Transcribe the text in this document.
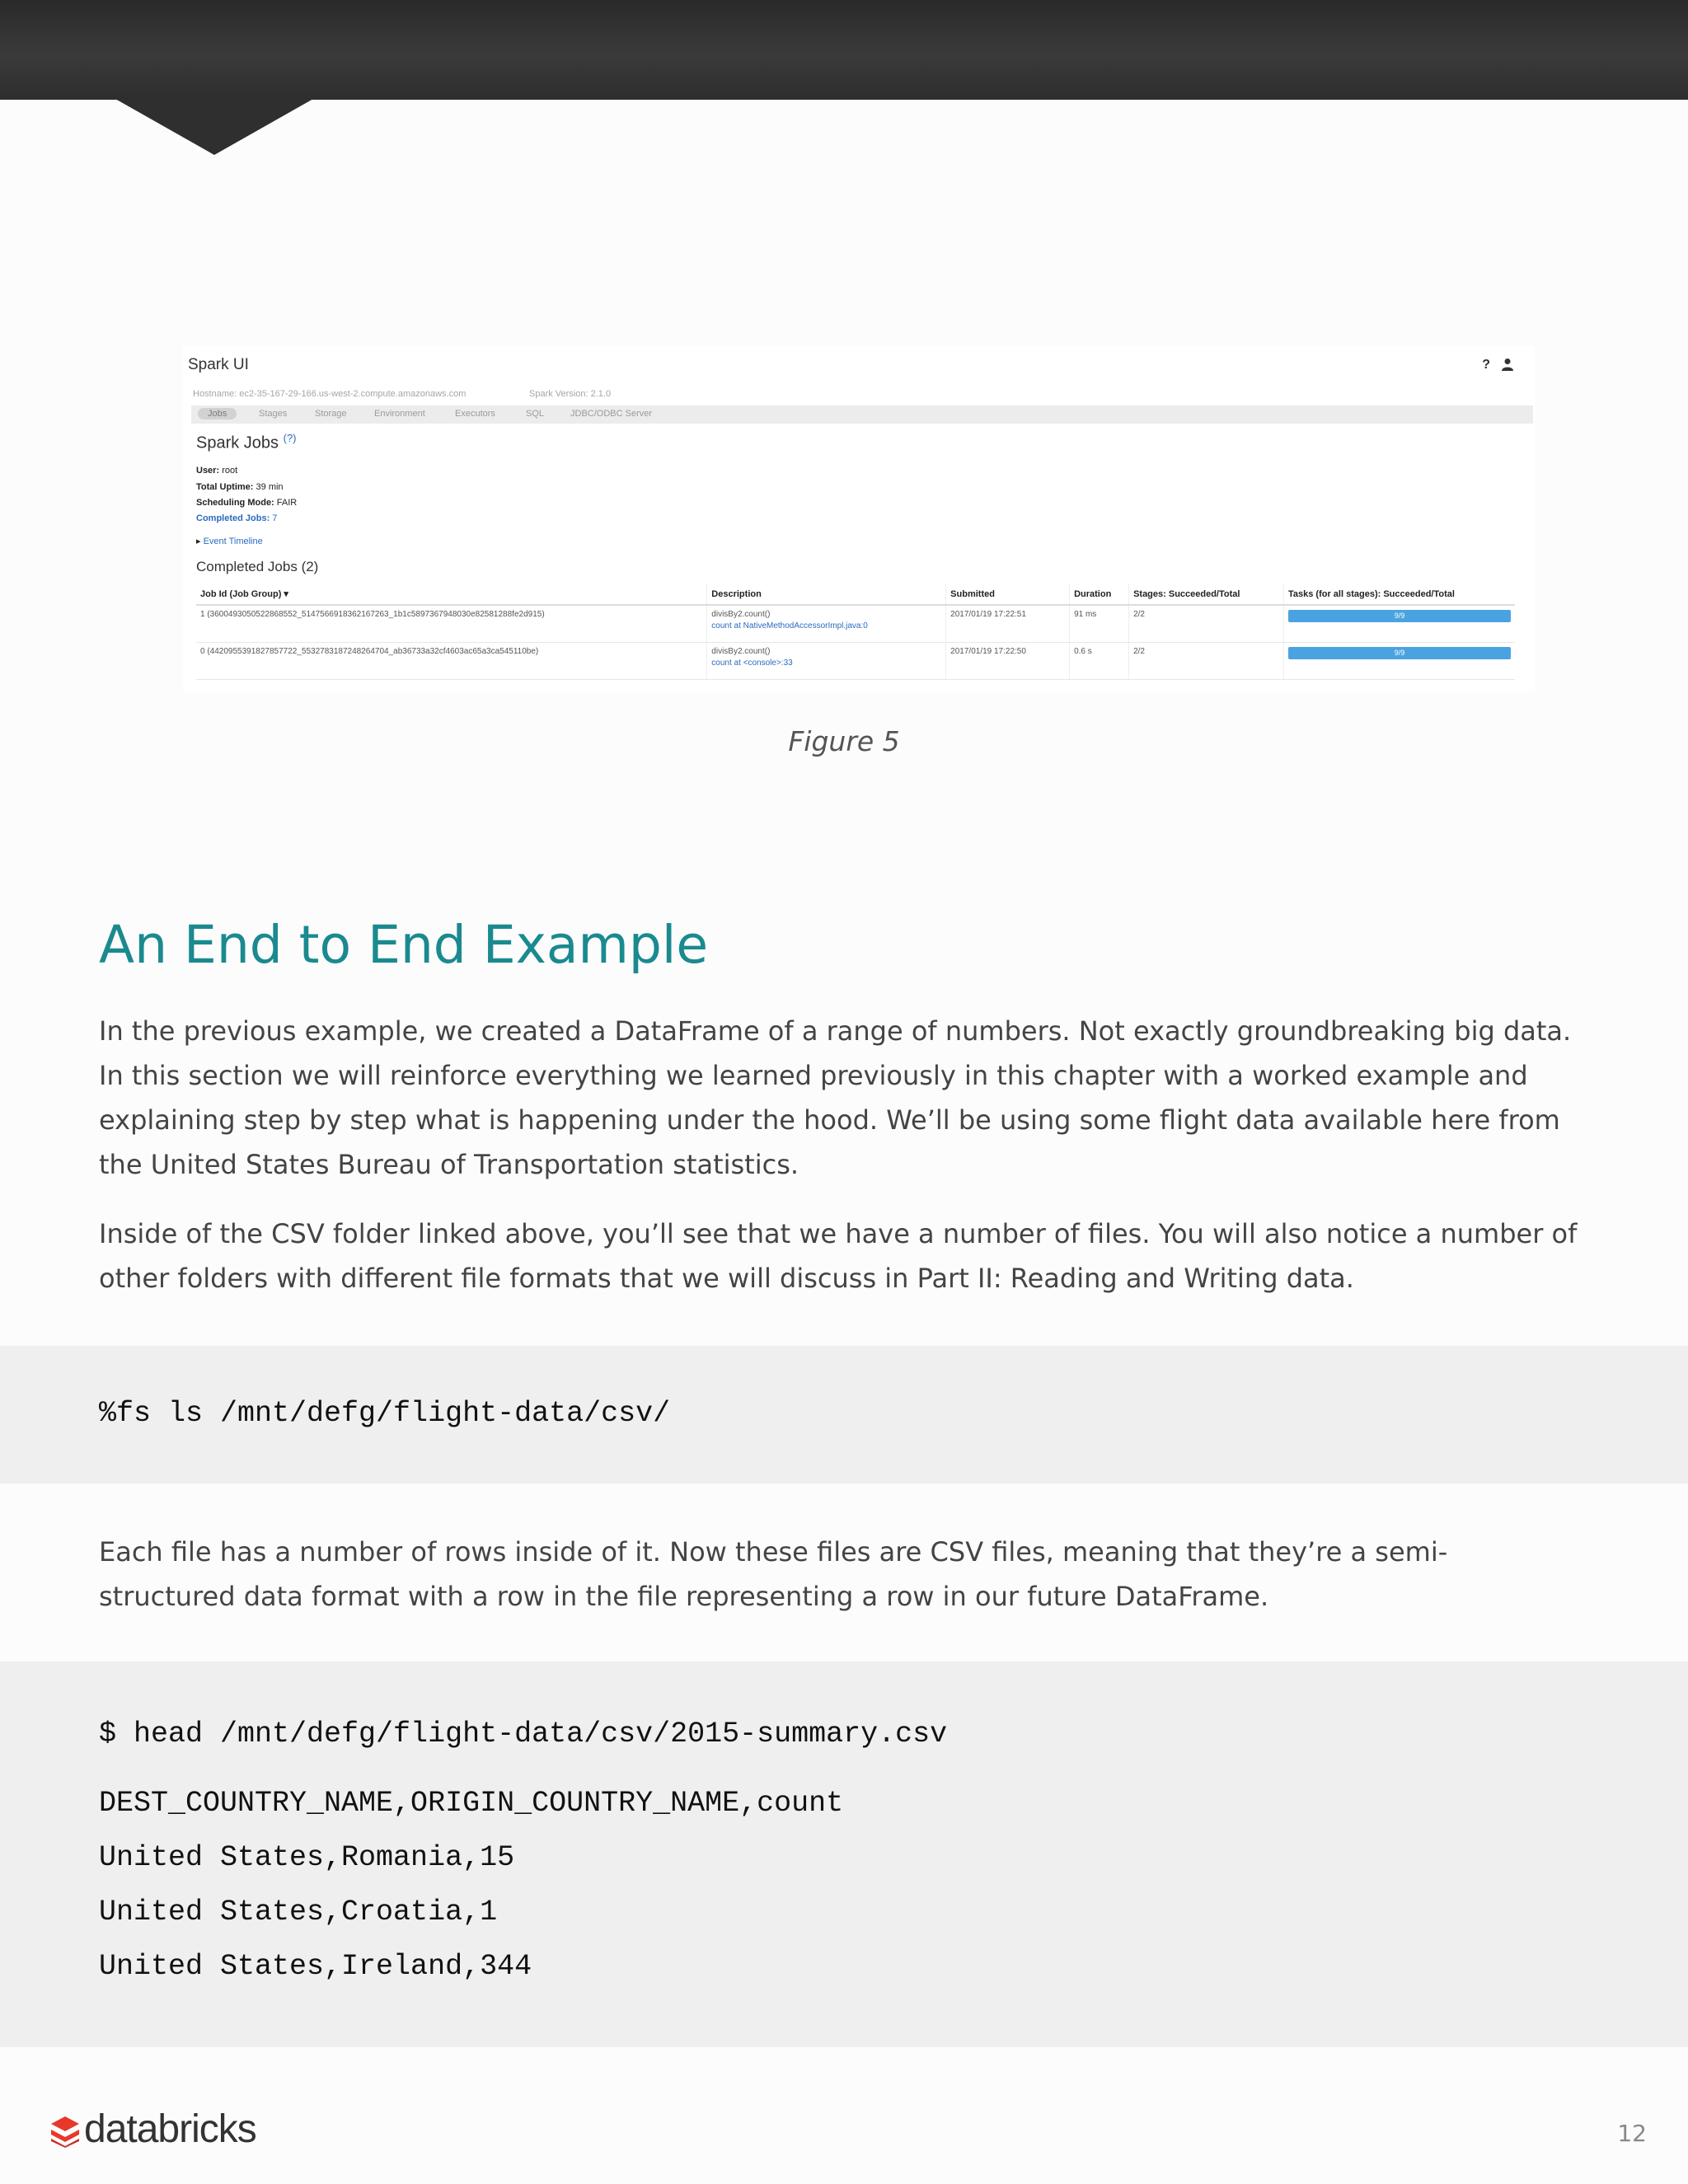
Spark UI	?
Hostname: ec2-35-167-29-166.us-west-2.compute.amazonaws.com	Spark Version: 2.1.0
Jobs	Stages	Storage	Environment	Executors	SQL	JDBC/ODBC Server
Spark Jobs (?)
User: root
Total Uptime: 39 min
Scheduling Mode: FAIR
Completed Jobs: 7
▸ Event Timeline
Completed Jobs (2)
Job Id (Job Group) ▾	Description	Submitted	Duration	Stages: Succeeded/Total	Tasks (for all stages): Succeeded/Total
1 (3600493050522868552_5147566918362167263_1b1c5897367948030e82581288fe2d915)	divisBy2.count()
count at NativeMethodAccessorImpl.java:0	2017/01/19 17:22:51	91 ms	2/2	9/9

0 (4420955391827857722_5532783187248264704_ab36733a32cf4603ac65a3ca545110be)	divisBy2.count()
count at <console>:33	2017/01/19 17:22:50	0.6 s	2/2	9/9
Figure 5
An End to End Example

In the previous example, we created a DataFrame of a range of numbers. Not exactly groundbreaking big data. In this section we will reinforce everything we learned previously in this chapter with a worked example and explaining step by step what is happening under the hood. We’ll be using some flight data available here from the United States Bureau of Transportation statistics.

Inside of the CSV folder linked above, you’ll see that we have a number of files. You will also notice a number of other folders with different file formats that we will discuss in Part II: Reading and Writing data.

%fs ls /mnt/defg/flight-data/csv/

Each file has a number of rows inside of it. Now these files are CSV files, meaning that they’re a semi-structured data format with a row in the file representing a row in our future DataFrame.

$ head /mnt/defg/flight-data/csv/2015-summary.csv
DEST_COUNTRY_NAME,ORIGIN_COUNTRY_NAME,count
United States,Romania,15
United States,Croatia,1
United States,Ireland,344
databricks	12
